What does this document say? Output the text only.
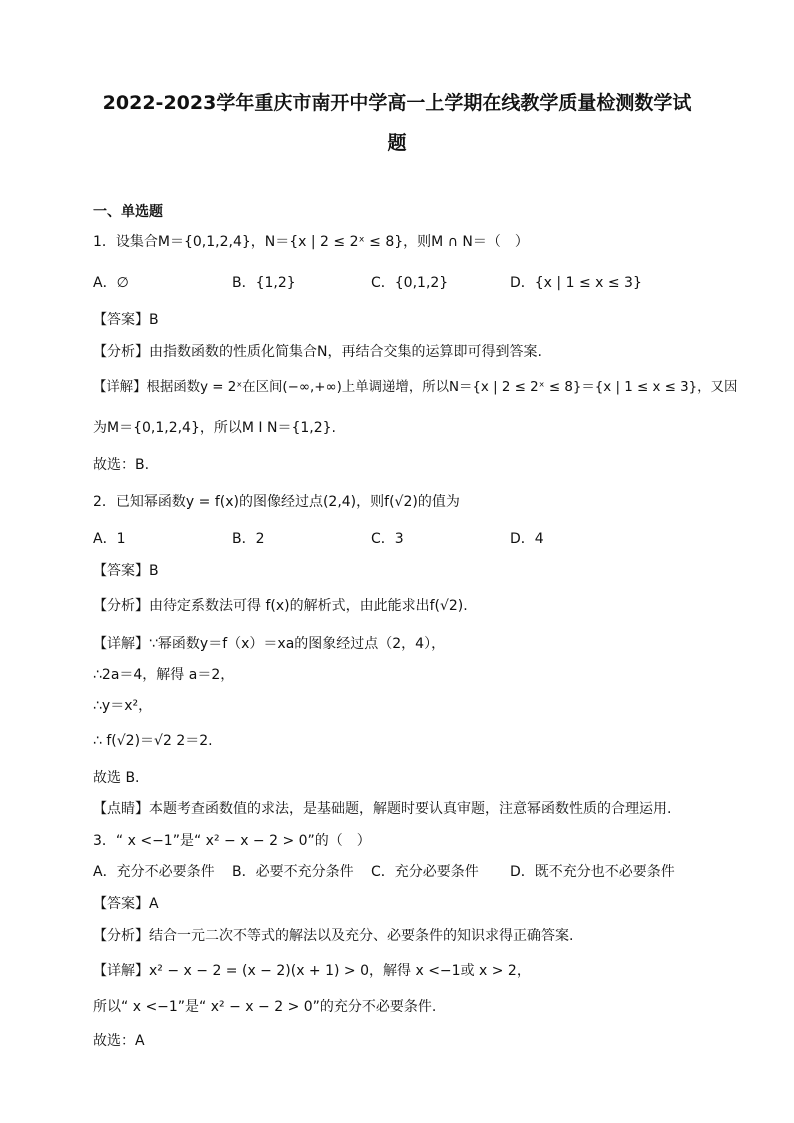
2022-2023学年重庆市南开中学高一上学期在线教学质量检测数学试
题
一、单选题
1．设集合M＝{0,1,2,4}，N＝{x | 2 ≤ 2ˣ ≤ 8}，则M ∩ N＝（　）
A．∅	B．{1,2}	C．{0,1,2}	D．{x | 1 ≤ x ≤ 3}
【答案】B
【分析】由指数函数的性质化简集合N，再结合交集的运算即可得到答案.
【详解】根据函数y = 2ˣ在区间(−∞,+∞)上单调递增，所以N＝{x | 2 ≤ 2ˣ ≤ 8}＝{x | 1 ≤ x ≤ 3}，又因
为M＝{0,1,2,4}，所以M I N＝{1,2}.
故选：B.
2．已知幂函数y = f(x)的图像经过点(2,4)，则f(√2)的值为
A．1	B．2	C．3	D．4
【答案】B
【分析】由待定系数法可得 f(x)的解析式，由此能求出f(√2).
【详解】∵幂函数y＝f（x）＝xa的图象经过点（2，4），
∴2a＝4，解得 a＝2，
∴y＝x²，
∴ f(√2)＝√2 2＝2.
故选 B.
【点睛】本题考查函数值的求法，是基础题，解题时要认真审题，注意幂函数性质的合理运用.
3．“ x <−1”是“ x² − x − 2 > 0”的（　）
A．充分不必要条件 B．必要不充分条件 C．充分必要条件 D．既不充分也不必要条件
【答案】A
【分析】结合一元二次不等式的解法以及充分、必要条件的知识求得正确答案.
【详解】x² − x − 2 = (x − 2)(x + 1) > 0，解得 x <−1或 x > 2，
所以“ x <−1”是“ x² − x − 2 > 0”的充分不必要条件.
故选：A
